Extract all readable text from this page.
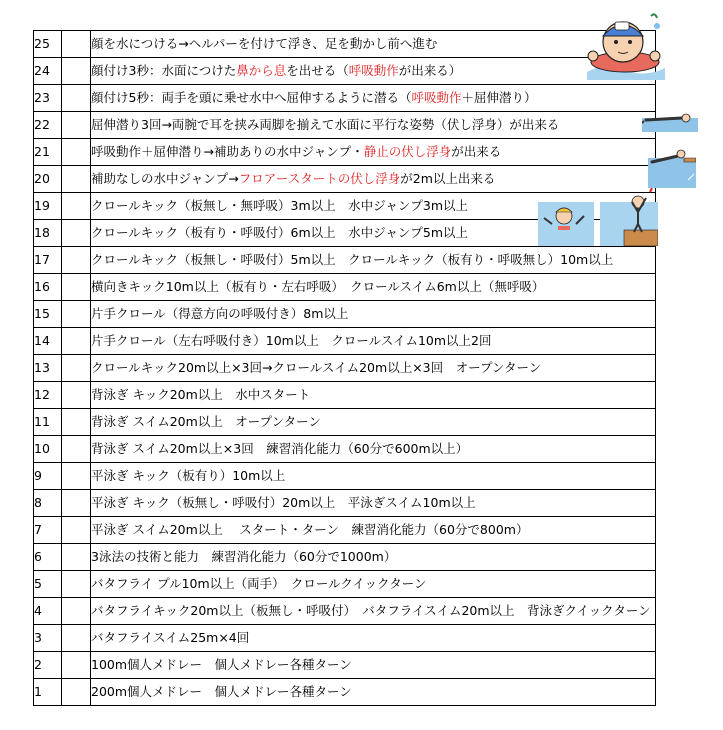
25		顔を水につける→ヘルパーを付けて浮き、足を動かし前へ進む
24		顔付け3秒：水面につけた鼻から息を出せる（呼吸動作が出来る）
23		顔付け5秒：両手を頭に乗せ水中へ屈伸するように潜る（呼吸動作＋屈伸潜り）
22		屈伸潜り3回→両腕で耳を挟み両脚を揃えて水面に平行な姿勢（伏し浮身）が出来る
21		呼吸動作＋屈伸潜り→補助ありの水中ジャンプ・静止の伏し浮身が出来る
20		補助なしの水中ジャンプ→フロアースタートの伏し浮身が2m以上出来る
19		クロールキック（板無し・無呼吸）3m以上　水中ジャンプ3m以上
18		クロールキック（板有り・呼吸付）6m以上　水中ジャンプ5m以上
17		クロールキック（板無し・呼吸付）5m以上　クロールキック（板有り・呼吸無し）10m以上
16		横向きキック10m以上（板有り・左右呼吸）　クロールスイム6m以上（無呼吸）
15		片手クロール（得意方向の呼吸付き）8m以上
14		片手クロール（左右呼吸付き）10m以上　クロールスイム10m以上2回
13		クロールキック20m以上×3回→クロールスイム20m以上×3回　オープンターン
12		背泳ぎ キック20m以上　水中スタート
11		背泳ぎ スイム20m以上　オープンターン
10		背泳ぎ スイム20m以上×3回　練習消化能力（60分で600m以上）
9		平泳ぎ キック（板有り）10m以上
8		平泳ぎ キック（板無し・呼吸付）20m以上　平泳ぎスイム10m以上
7		平泳ぎ スイム20m以上　 スタート・ターン　練習消化能力（60分で800m）
6		3泳法の技術と能力　練習消化能力（60分で1000m）
5		バタフライ プル10m以上（両手）　クロールクイックターン
4		バタフライキック20m以上（板無し・呼吸付）　バタフライスイム20m以上　背泳ぎクイックターン
3		バタフライスイム25m×4回
2		100m個人メドレー　個人メドレー各種ターン
1		200m個人メドレー　個人メドレー各種ターン
